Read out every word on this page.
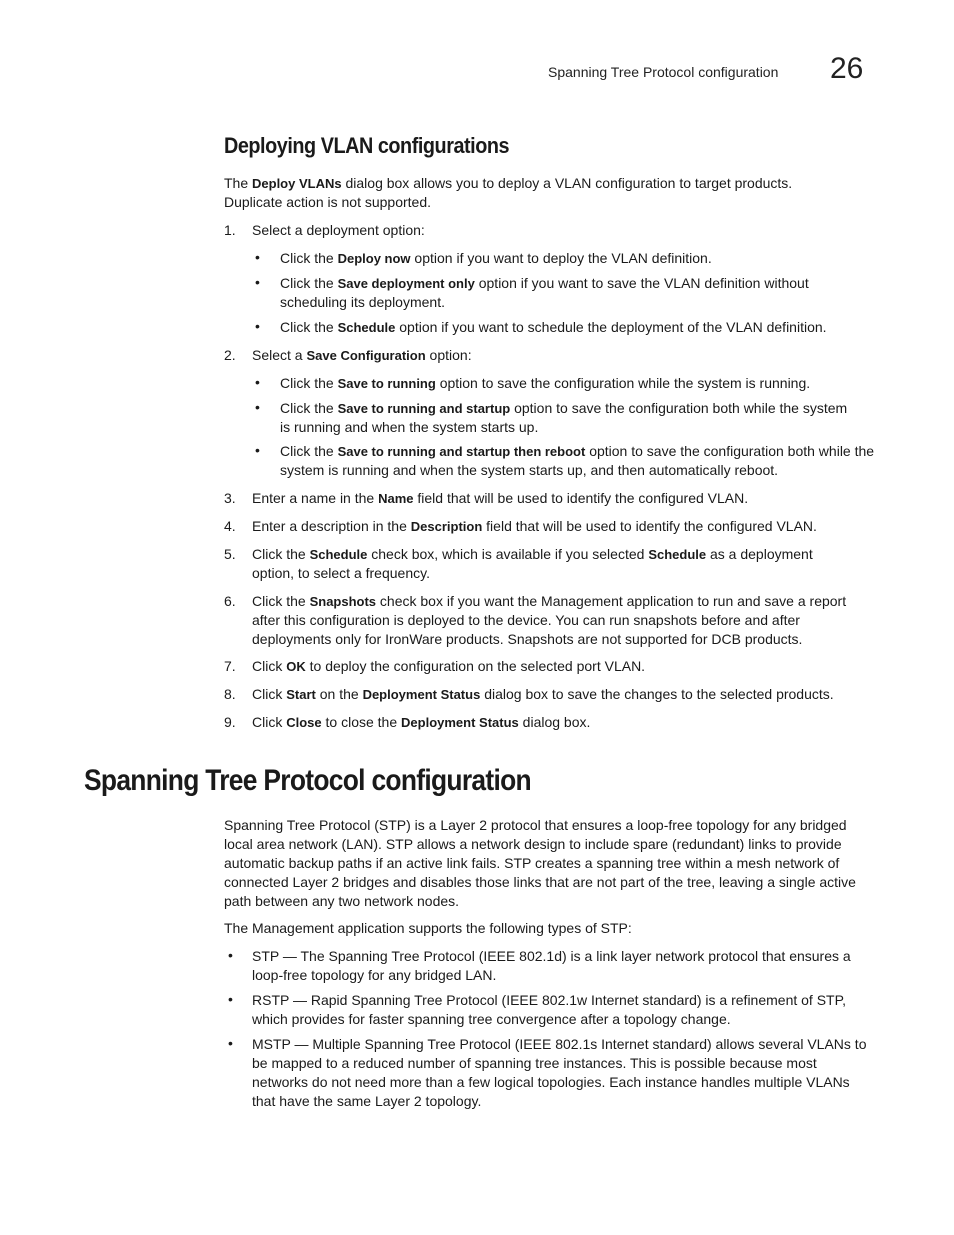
Spanning Tree Protocol configuration 26
Deploying VLAN configurations

The Deploy VLANs dialog box allows you to deploy a VLAN configuration to target products. Duplicate action is not supported.

1. Select a deployment option:

• Click the Deploy now option if you want to deploy the VLAN definition.

• Click the Save deployment only option if you want to save the VLAN definition without scheduling its deployment.

• Click the Schedule option if you want to schedule the deployment of the VLAN definition.

2. Select a Save Configuration option:

• Click the Save to running option to save the configuration while the system is running.

• Click the Save to running and startup option to save the configuration both while the system is running and when the system starts up.

• Click the Save to running and startup then reboot option to save the configuration both while the system is running and when the system starts up, and then automatically reboot.

3. Enter a name in the Name field that will be used to identify the configured VLAN.

4. Enter a description in the Description field that will be used to identify the configured VLAN.

5. Click the Schedule check box, which is available if you selected Schedule as a deployment option, to select a frequency.

6. Click the Snapshots check box if you want the Management application to run and save a report after this configuration is deployed to the device. You can run snapshots before and after deployments only for IronWare products. Snapshots are not supported for DCB products.

7. Click OK to deploy the configuration on the selected port VLAN.

8. Click Start on the Deployment Status dialog box to save the changes to the selected products.

9. Click Close to close the Deployment Status dialog box.

Spanning Tree Protocol configuration

Spanning Tree Protocol (STP) is a Layer 2 protocol that ensures a loop-free topology for any bridged local area network (LAN). STP allows a network design to include spare (redundant) links to provide automatic backup paths if an active link fails. STP creates a spanning tree within a mesh network of connected Layer 2 bridges and disables those links that are not part of the tree, leaving a single active path between any two network nodes.

The Management application supports the following types of STP:

• STP — The Spanning Tree Protocol (IEEE 802.1d) is a link layer network protocol that ensures a loop-free topology for any bridged LAN.

• RSTP — Rapid Spanning Tree Protocol (IEEE 802.1w Internet standard) is a refinement of STP, which provides for faster spanning tree convergence after a topology change.

• MSTP — Multiple Spanning Tree Protocol (IEEE 802.1s Internet standard) allows several VLANs to be mapped to a reduced number of spanning tree instances. This is possible because most networks do not need more than a few logical topologies. Each instance handles multiple VLANs that have the same Layer 2 topology.
